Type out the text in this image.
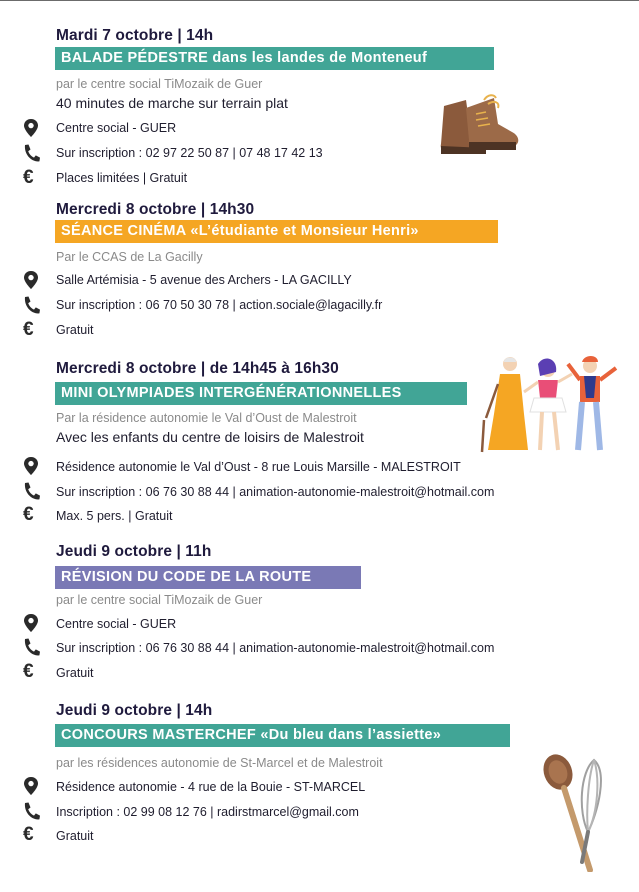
Mardi 7 octobre | 14h
BALADE PÉDESTRE dans les landes de Monteneuf
par le centre social TiMozaik de Guer
40 minutes de marche sur terrain plat
Centre social - GUER
Sur inscription : 02 97 22 50 87 | 07 48 17 42 13
€ Places limitées | Gratuit
Mercredi 8 octobre | 14h30
SÉANCE CINÉMA «L’étudiante et Monsieur Henri»
Par le CCAS de La Gacilly
Salle Artémisia - 5 avenue des Archers - LA GACILLY
Sur inscription : 06 70 50 30 78 | action.sociale@lagacilly.fr
€ Gratuit
Mercredi 8 octobre | de 14h45 à 16h30
MINI OLYMPIADES INTERGÉNÉRATIONNELLES
Par la résidence autonomie le Val d’Oust de Malestroit
Avec les enfants du centre de loisirs de Malestroit
Résidence autonomie le Val d’Oust - 8 rue Louis Marsille - MALESTROIT
Sur inscription : 06 76 30 88 44 | animation-autonomie-malestroit@hotmail.com
€ Max. 5 pers. | Gratuit
Jeudi 9 octobre | 11h
RÉVISION DU CODE DE LA ROUTE
par le centre social TiMozaik de Guer
Centre social - GUER
Sur inscription : 06 76 30 88 44 | animation-autonomie-malestroit@hotmail.com
€ Gratuit
Jeudi 9 octobre | 14h
CONCOURS MASTERCHEF «Du bleu dans l’assiette»
par les résidences autonomie de St-Marcel et de Malestroit
Résidence autonomie - 4 rue de la Bouie - ST-MARCEL
Inscription : 02 99 08 12 76 | radirstmarcel@gmail.com
€ Gratuit
